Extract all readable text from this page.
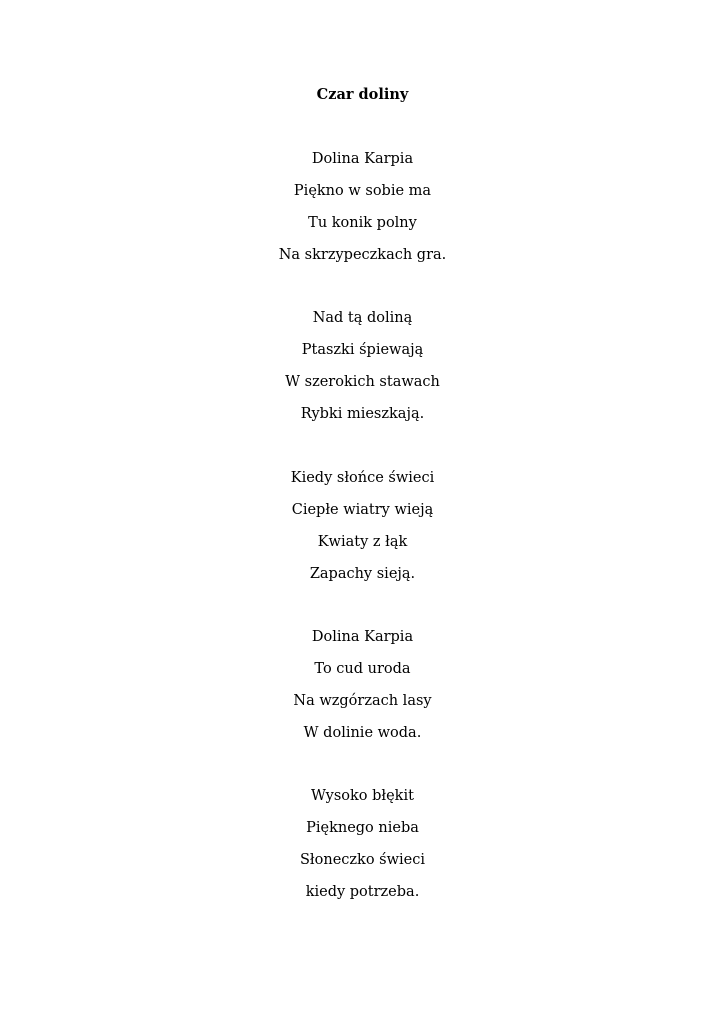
Czar doliny
Dolina Karpia
Piękno w sobie ma
Tu konik polny
Na skrzypeczkach gra.
Nad tą doliną
Ptaszki śpiewają
W szerokich stawach
Rybki mieszkają.
Kiedy słońce świeci
Ciepłe wiatry wieją
Kwiaty z łąk
Zapachy sieją.
Dolina Karpia
To cud uroda
Na wzgórzach lasy
W dolinie woda.
Wysoko błękit
Pięknego nieba
Słoneczko świeci
kiedy potrzeba.
